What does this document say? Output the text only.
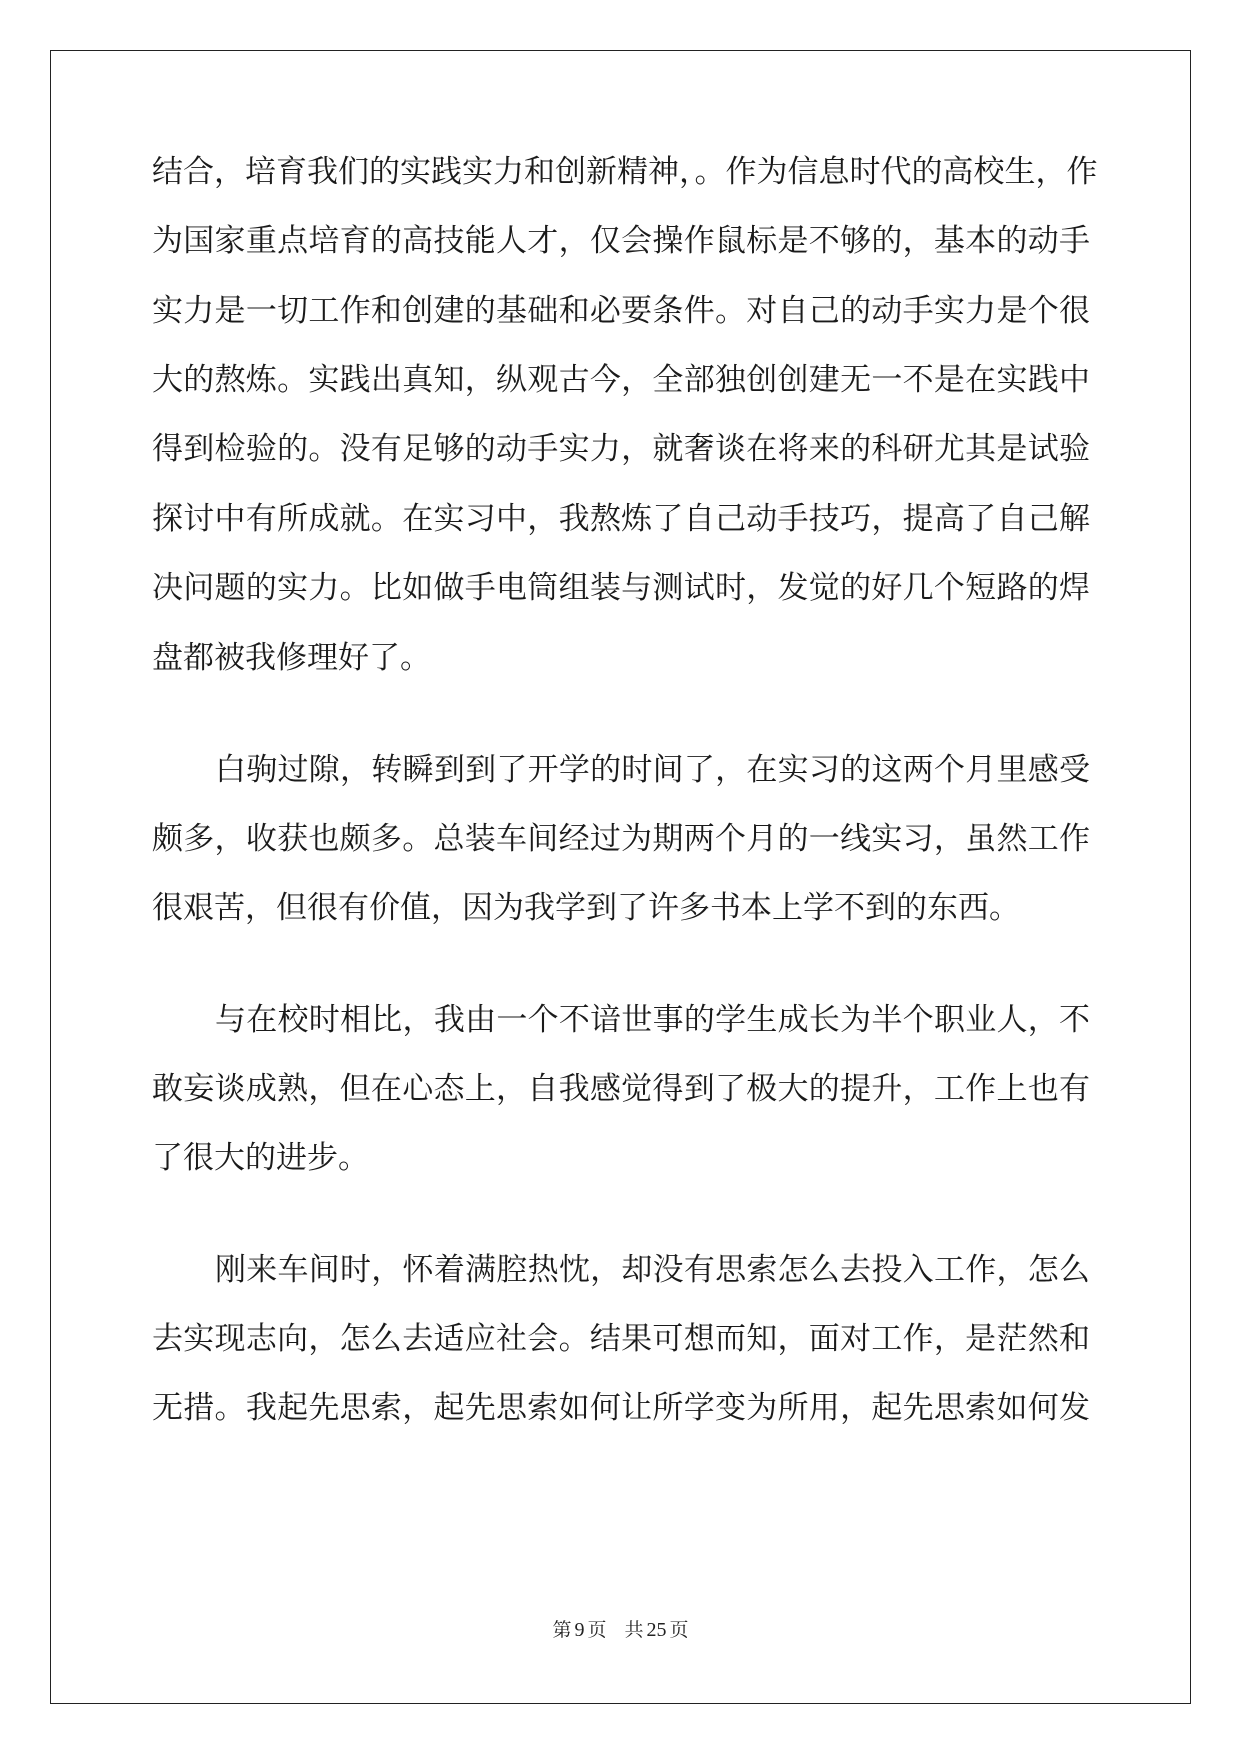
结合，培育我们的实践实力和创新精神，。作为信息时代的高校生，作
为国家重点培育的高技能人才，仅会操作鼠标是不够的，基本的动手
实力是一切工作和创建的基础和必要条件。对自己的动手实力是个很
大的熬炼。实践出真知，纵观古今，全部独创创建无一不是在实践中
得到检验的。没有足够的动手实力，就奢谈在将来的科研尤其是试验
探讨中有所成就。在实习中，我熬炼了自己动手技巧，提高了自己解
决问题的实力。比如做手电筒组装与测试时，发觉的好几个短路的焊
盘都被我修理好了。
白驹过隙，转瞬到到了开学的时间了，在实习的这两个月里感受
颇多，收获也颇多。总装车间经过为期两个月的一线实习，虽然工作
很艰苦，但很有价值，因为我学到了许多书本上学不到的东西。
与在校时相比，我由一个不谙世事的学生成长为半个职业人，不
敢妄谈成熟，但在心态上，自我感觉得到了极大的提升，工作上也有
了很大的进步。
刚来车间时，怀着满腔热忱，却没有思索怎么去投入工作，怎么
去实现志向，怎么去适应社会。结果可想而知，面对工作，是茫然和
无措。我起先思索，起先思索如何让所学变为所用，起先思索如何发
第 9 页 共 25 页
